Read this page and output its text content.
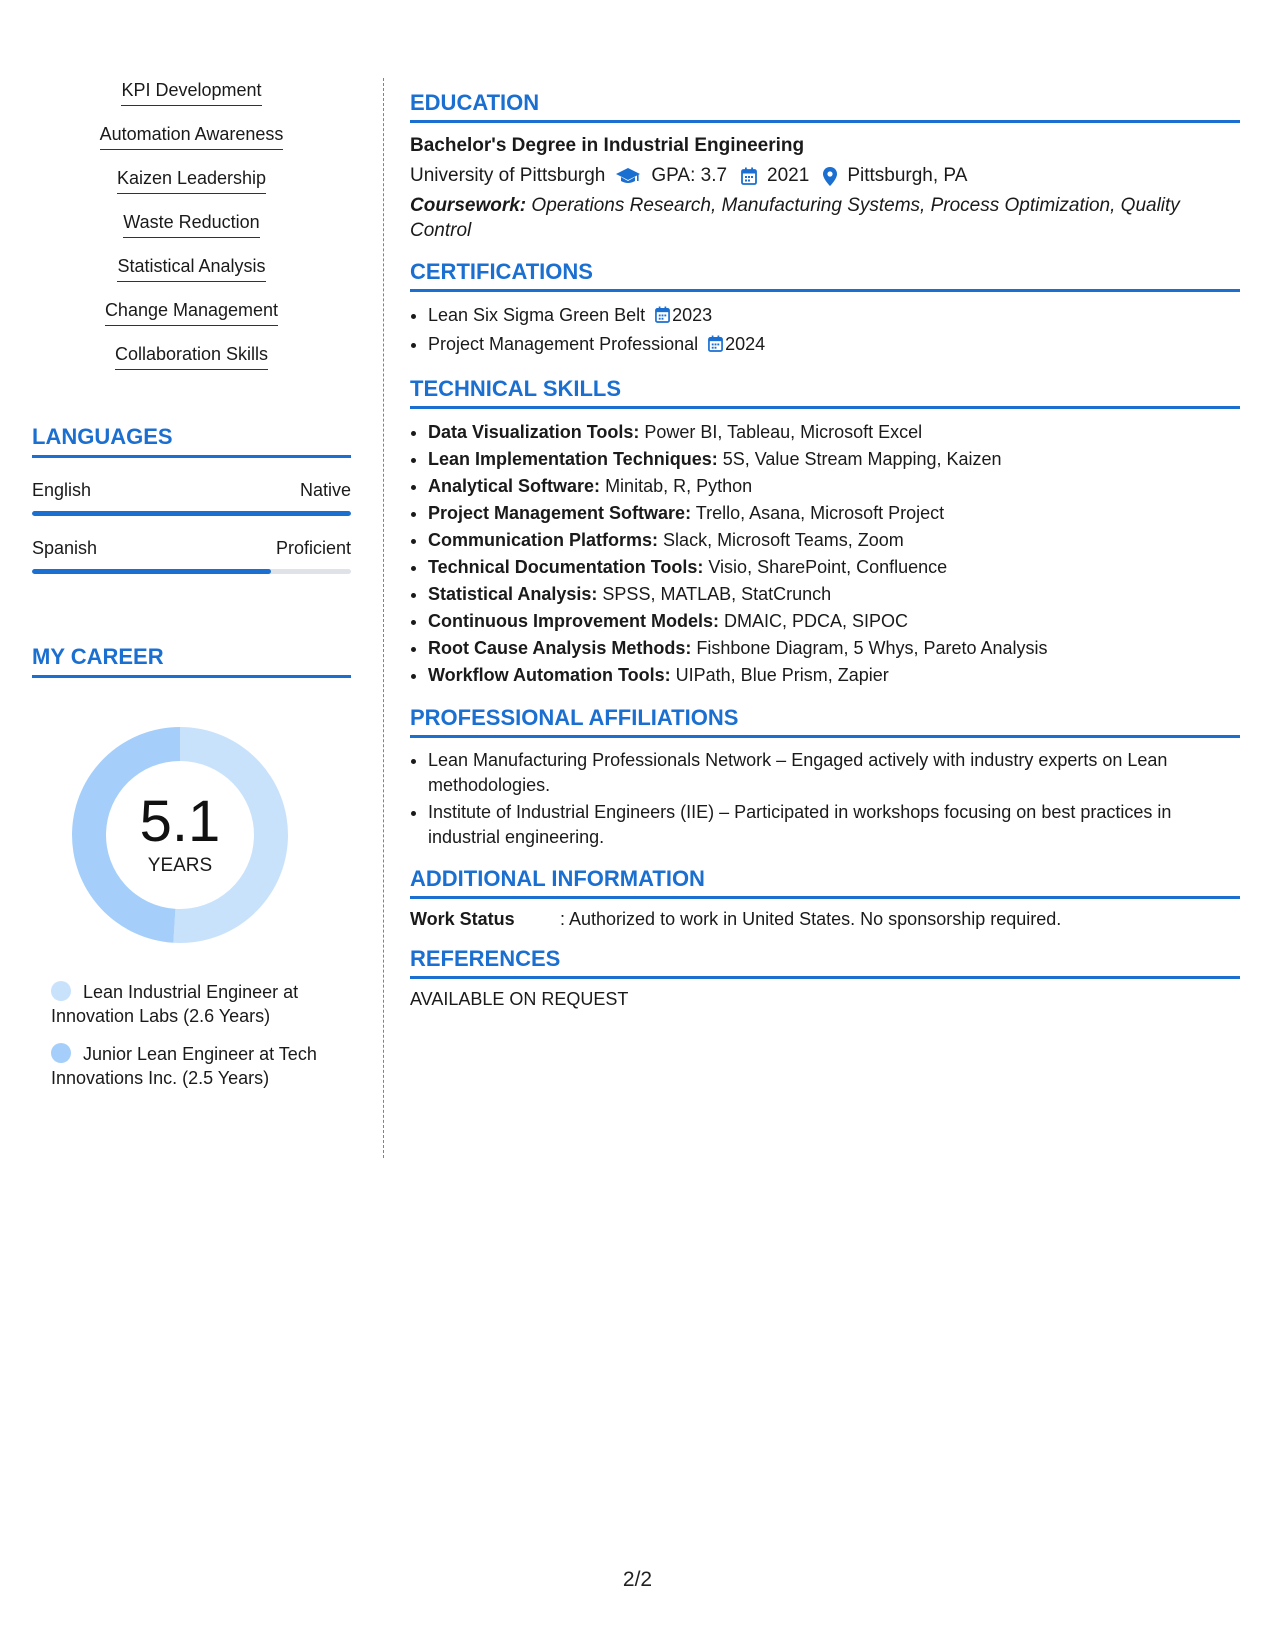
KPI Development
Automation Awareness
Kaizen Leadership
Waste Reduction
Statistical Analysis
Change Management
Collaboration Skills
LANGUAGES
English	Native
Spanish	Proficient
MY CAREER
5.1
YEARS
Lean Industrial Engineer at Innovation Labs (2.6 Years)
Junior Lean Engineer at Tech Innovations Inc. (2.5 Years)
EDUCATION
Bachelor's Degree in Industrial Engineering
University of Pittsburgh GPA: 3.7 2021 Pittsburgh, PA
Coursework: Operations Research, Manufacturing Systems, Process Optimization, Quality Control
CERTIFICATIONS
• Lean Six Sigma Green Belt 2023
• Project Management Professional 2024
TECHNICAL SKILLS
• Data Visualization Tools: Power BI, Tableau, Microsoft Excel
• Lean Implementation Techniques: 5S, Value Stream Mapping, Kaizen
• Analytical Software: Minitab, R, Python
• Project Management Software: Trello, Asana, Microsoft Project
• Communication Platforms: Slack, Microsoft Teams, Zoom
• Technical Documentation Tools: Visio, SharePoint, Confluence
• Statistical Analysis: SPSS, MATLAB, StatCrunch
• Continuous Improvement Models: DMAIC, PDCA, SIPOC
• Root Cause Analysis Methods: Fishbone Diagram, 5 Whys, Pareto Analysis
• Workflow Automation Tools: UIPath, Blue Prism, Zapier
PROFESSIONAL AFFILIATIONS
• Lean Manufacturing Professionals Network – Engaged actively with industry experts on Lean methodologies.
• Institute of Industrial Engineers (IIE) – Participated in workshops focusing on best practices in industrial engineering.
ADDITIONAL INFORMATION
Work Status	: Authorized to work in United States. No sponsorship required.
REFERENCES
AVAILABLE ON REQUEST
2/2
